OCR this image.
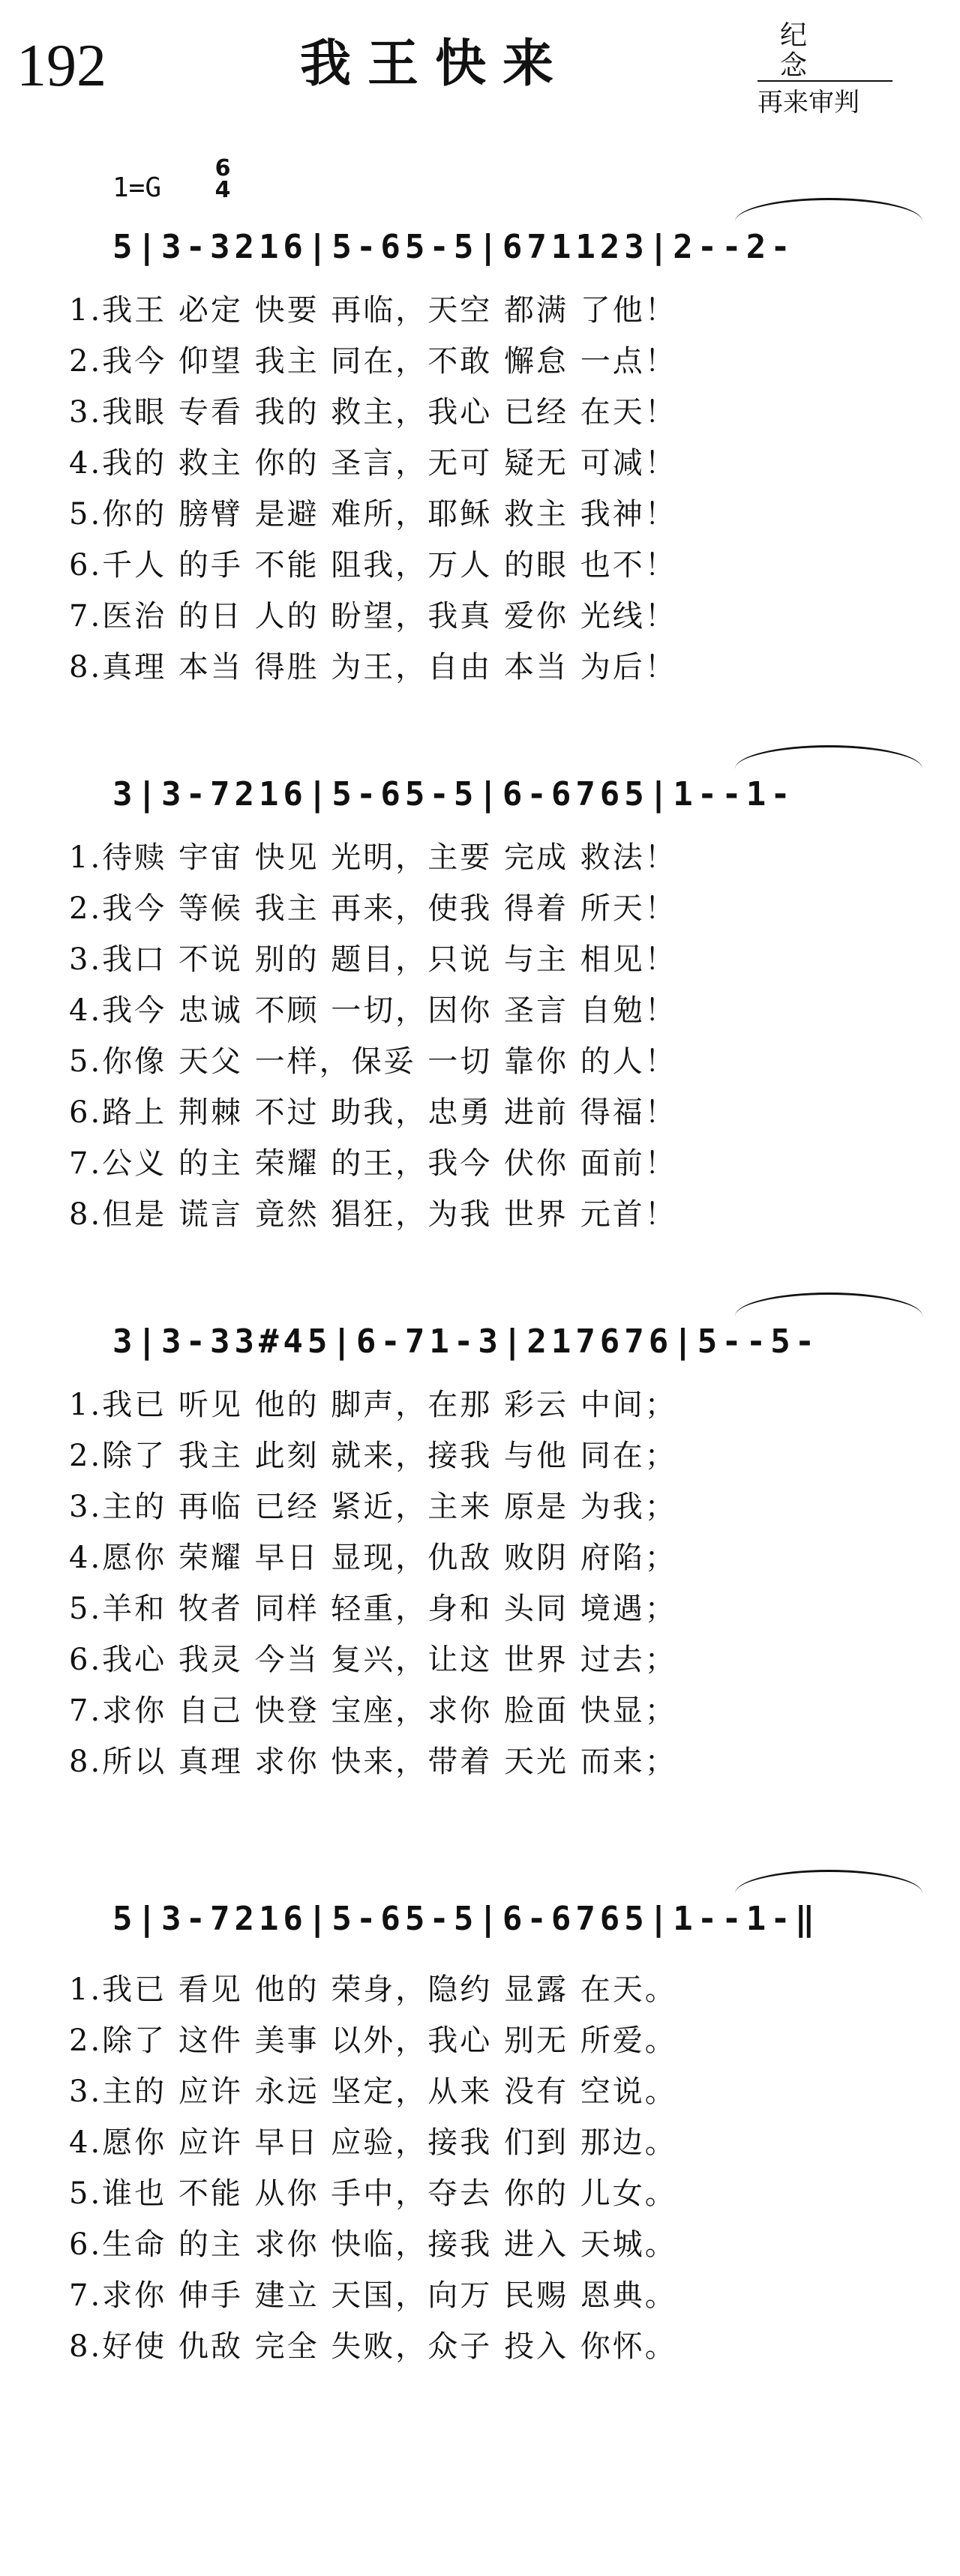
192	我王快来	纪 念
再来审判
1=G
6
4
5|3-3216|5-65-5|671123|2--2-
1.我王 必定 快要 再临，天空 都满 了他！
2.我今 仰望 我主 同在，不敢 懈怠 一点！
3.我眼 专看 我的 救主，我心 已经 在天！
4.我的 救主 你的 圣言，无可 疑无 可减！
5.你的 膀臂 是避 难所，耶稣 救主 我神！
6.千人 的手 不能 阻我，万人 的眼 也不！
7.医治 的日 人的 盼望，我真 爱你 光线！
8.真理 本当 得胜 为王，自由 本当 为后！
3|3-7216|5-65-5|6-6765|1--1-
1.待赎 宇宙 快见 光明，主要 完成 救法！
2.我今 等候 我主 再来，使我 得着 所天！
3.我口 不说 别的 题目，只说 与主 相见！
4.我今 忠诚 不顾 一切，因你 圣言 自勉！
5.你像 天父 一样，保妥 一切 靠你 的人！
6.路上 荆棘 不过 助我，忠勇 进前 得福！
7.公义 的主 荣耀 的王，我今 伏你 面前！
8.但是 谎言 竟然 猖狂，为我 世界 元首！
3|3-33#45|6-71-3|217676|5--5-
1.我已 听见 他的 脚声，在那 彩云 中间；
2.除了 我主 此刻 就来，接我 与他 同在；
3.主的 再临 已经 紧近，主来 原是 为我；
4.愿你 荣耀 早日 显现，仇敌 败阴 府陷；
5.羊和 牧者 同样 轻重，身和 头同 境遇；
6.我心 我灵 今当 复兴，让这 世界 过去；
7.求你 自己 快登 宝座，求你 脸面 快显；
8.所以 真理 求你 快来，带着 天光 而来；
5|3-7216|5-65-5|6-6765|1--1-‖
1.我已 看见 他的 荣身，隐约 显露 在天。
2.除了 这件 美事 以外，我心 别无 所爱。
3.主的 应许 永远 坚定，从来 没有 空说。
4.愿你 应许 早日 应验，接我 们到 那边。
5.谁也 不能 从你 手中，夺去 你的 儿女。
6.生命 的主 求你 快临，接我 进入 天城。
7.求你 伸手 建立 天国，向万 民赐 恩典。
8.好使 仇敌 完全 失败，众子 投入 你怀。
